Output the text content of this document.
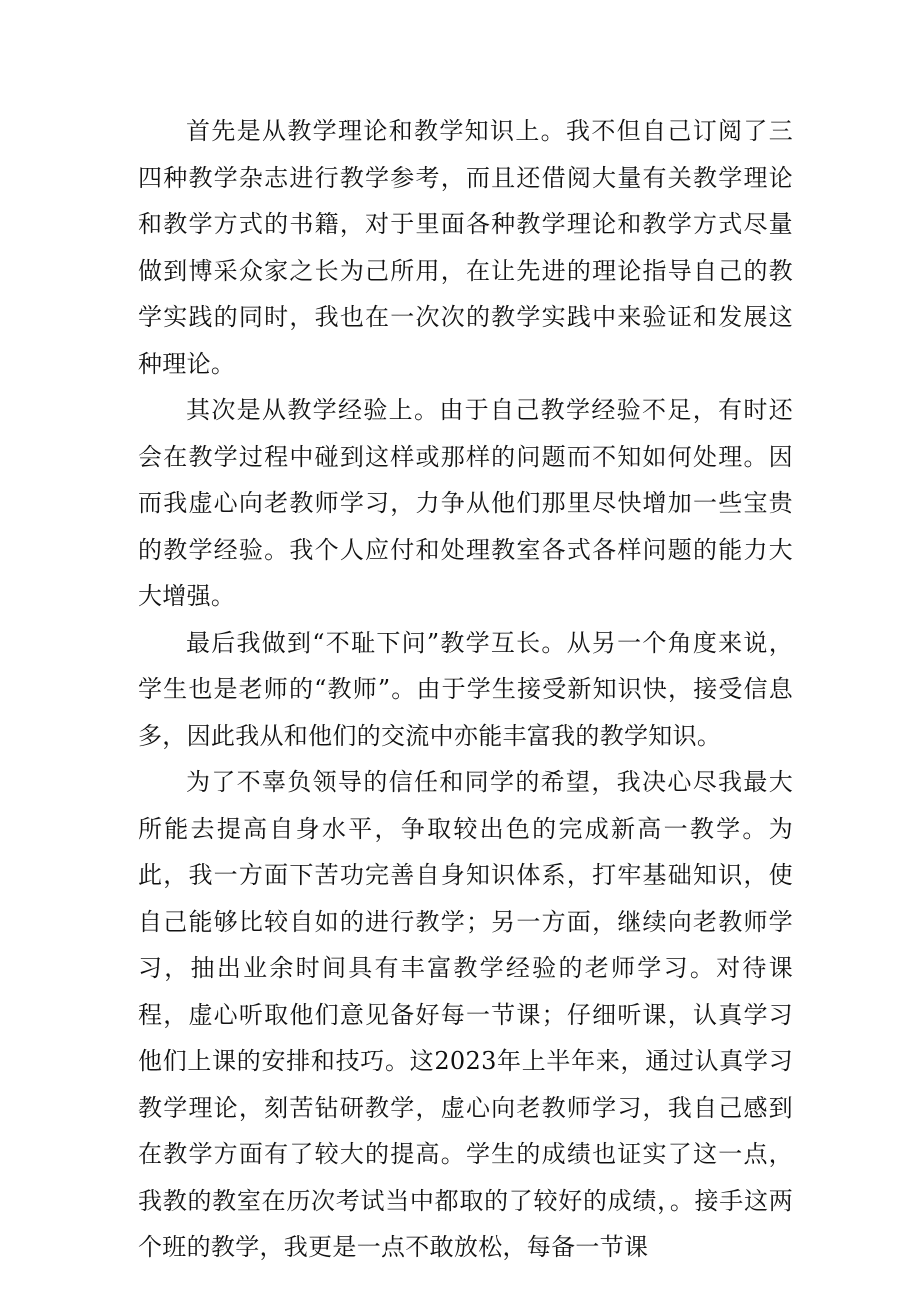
首先是从教学理论和教学知识上。我不但自己订阅了三四种教学杂志进行教学参考，而且还借阅大量有关教学理论和教学方式的书籍，对于里面各种教学理论和教学方式尽量做到博采众家之长为己所用，在让先进的理论指导自己的教学实践的同时，我也在一次次的教学实践中来验证和发展这种理论。

其次是从教学经验上。由于自己教学经验不足，有时还会在教学过程中碰到这样或那样的问题而不知如何处理。因而我虚心向老教师学习，力争从他们那里尽快增加一些宝贵的教学经验。我个人应付和处理教室各式各样问题的能力大大增强。

最后我做到“不耻下问”教学互长。从另一个角度来说，学生也是老师的“教师”。由于学生接受新知识快，接受信息多，因此我从和他们的交流中亦能丰富我的教学知识。

为了不辜负领导的信任和同学的希望，我决心尽我最大所能去提高自身水平，争取较出色的完成新高一教学。为此，我一方面下苦功完善自身知识体系，打牢基础知识，使自己能够比较自如的进行教学；另一方面，继续向老教师学习，抽出业余时间具有丰富教学经验的老师学习。对待课程，虚心听取他们意见备好每一节课；仔细听课，认真学习他们上课的安排和技巧。这2023年上半年来，通过认真学习教学理论，刻苦钻研教学，虚心向老教师学习，我自己感到在教学方面有了较大的提高。学生的成绩也证实了这一点，我教的教室在历次考试当中都取的了较好的成绩，。接手这两个班的教学，我更是一点不敢放松，每备一节课
